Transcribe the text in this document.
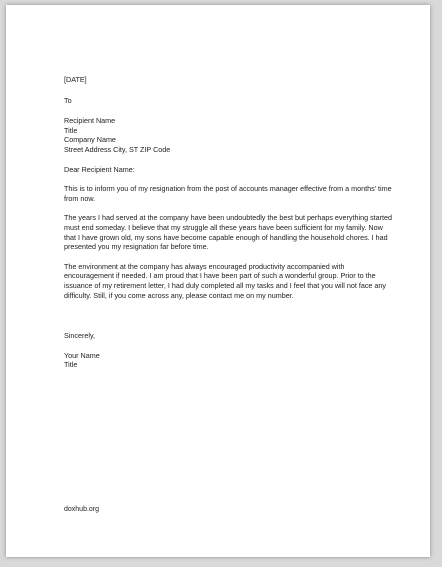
[DATE]
To
Recipient Name
Title
Company Name
Street Address City, ST ZIP Code
Dear Recipient Name:
This is to inform you of my resignation from the post of accounts manager effective from a months' time from now.
The years I had served at the company have been undoubtedly the best but perhaps everything started must end someday. I believe that my struggle all these years have been sufficient for my family. Now that I have grown old, my sons have become capable enough of handling the household chores. I had presented you my resignation far before time.
The environment at the company has always encouraged productivity accompanied with encouragement if needed. I am proud that I have been part of such a wonderful group. Prior to the issuance of my retirement letter, I had duly completed all my tasks and I feel that you will not face any difficulty. Still, if you come across any, please contact me on my number.
Sincerely,
Your Name
Title
doxhub.org
